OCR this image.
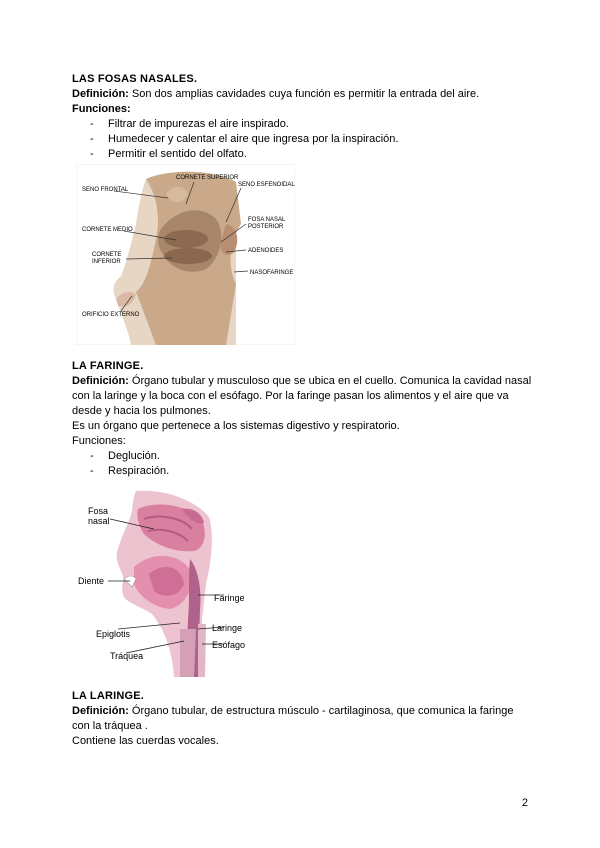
LAS FOSAS NASALES.

Definición: Son dos amplias cavidades cuya función es permitir la entrada del aire.

Funciones:

- Filtrar de impurezas el aire inspirado.
- Humedecer y calentar el aire que ingresa por la inspiración.
- Permitir el sentido del olfato.
SENO FRONTAL
CORNETE SUPERIOR
SENO ESFENOIDAL
CORNETE MEDIO
FOSA NASAL
POSTERIOR
CORNETE
INFERIOR
ADENOIDES
NASOFARINGE
ORIFICIO EXTERNO

LA FARINGE.

Definición: Órgano tubular y musculoso que se ubica en el cuello. Comunica la cavidad nasal con la laringe y la boca con el esófago. Por la faringe pasan los alimentos y el aire que va desde y hacia los pulmones.

Es un órgano que pertenece a los sistemas digestivo y respiratorio.

Funciones:

- Deglución.
- Respiración.
Fosa
nasal
Diente
Faringe
Laringe
Epiglotis
Esófago
Tráquea

LA LARINGE.

Definición: Órgano tubular, de estructura músculo - cartilaginosa, que comunica la faringe con la tráquea .

Contiene las cuerdas vocales.

2
